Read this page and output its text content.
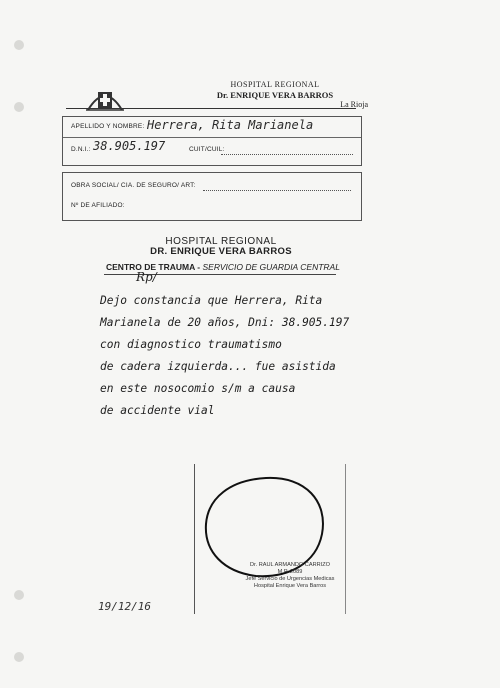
HOSPITAL REGIONAL
Dr. ENRIQUE VERA BARROS
La Rioja
APELLIDO Y NOMBRE: Herrera, Rita Marianela
D.N.I.: 38.905.197	CUIT/CUIL:
OBRA SOCIAL/ CIA. DE SEGURO/ ART:
Nº DE AFILIADO:
HOSPITAL REGIONAL
DR. ENRIQUE VERA BARROS
CENTRO DE TRAUMA - SERVICIO DE GUARDIA CENTRAL
Rp/
Dejo constancia que Herrera, Rita
Marianela de 20 años, Dni: 38.905.197
con diagnostico traumatismo
de cadera izquierda... fue asistida
en este nosocomio s/m a causa
de accidente vial
Dr. RAUL ARMANDO CARRIZO
M.P. 2089
Jefe Servicio de Urgencias Medicas
Hospital Enrique Vera Barros
19/12/16
